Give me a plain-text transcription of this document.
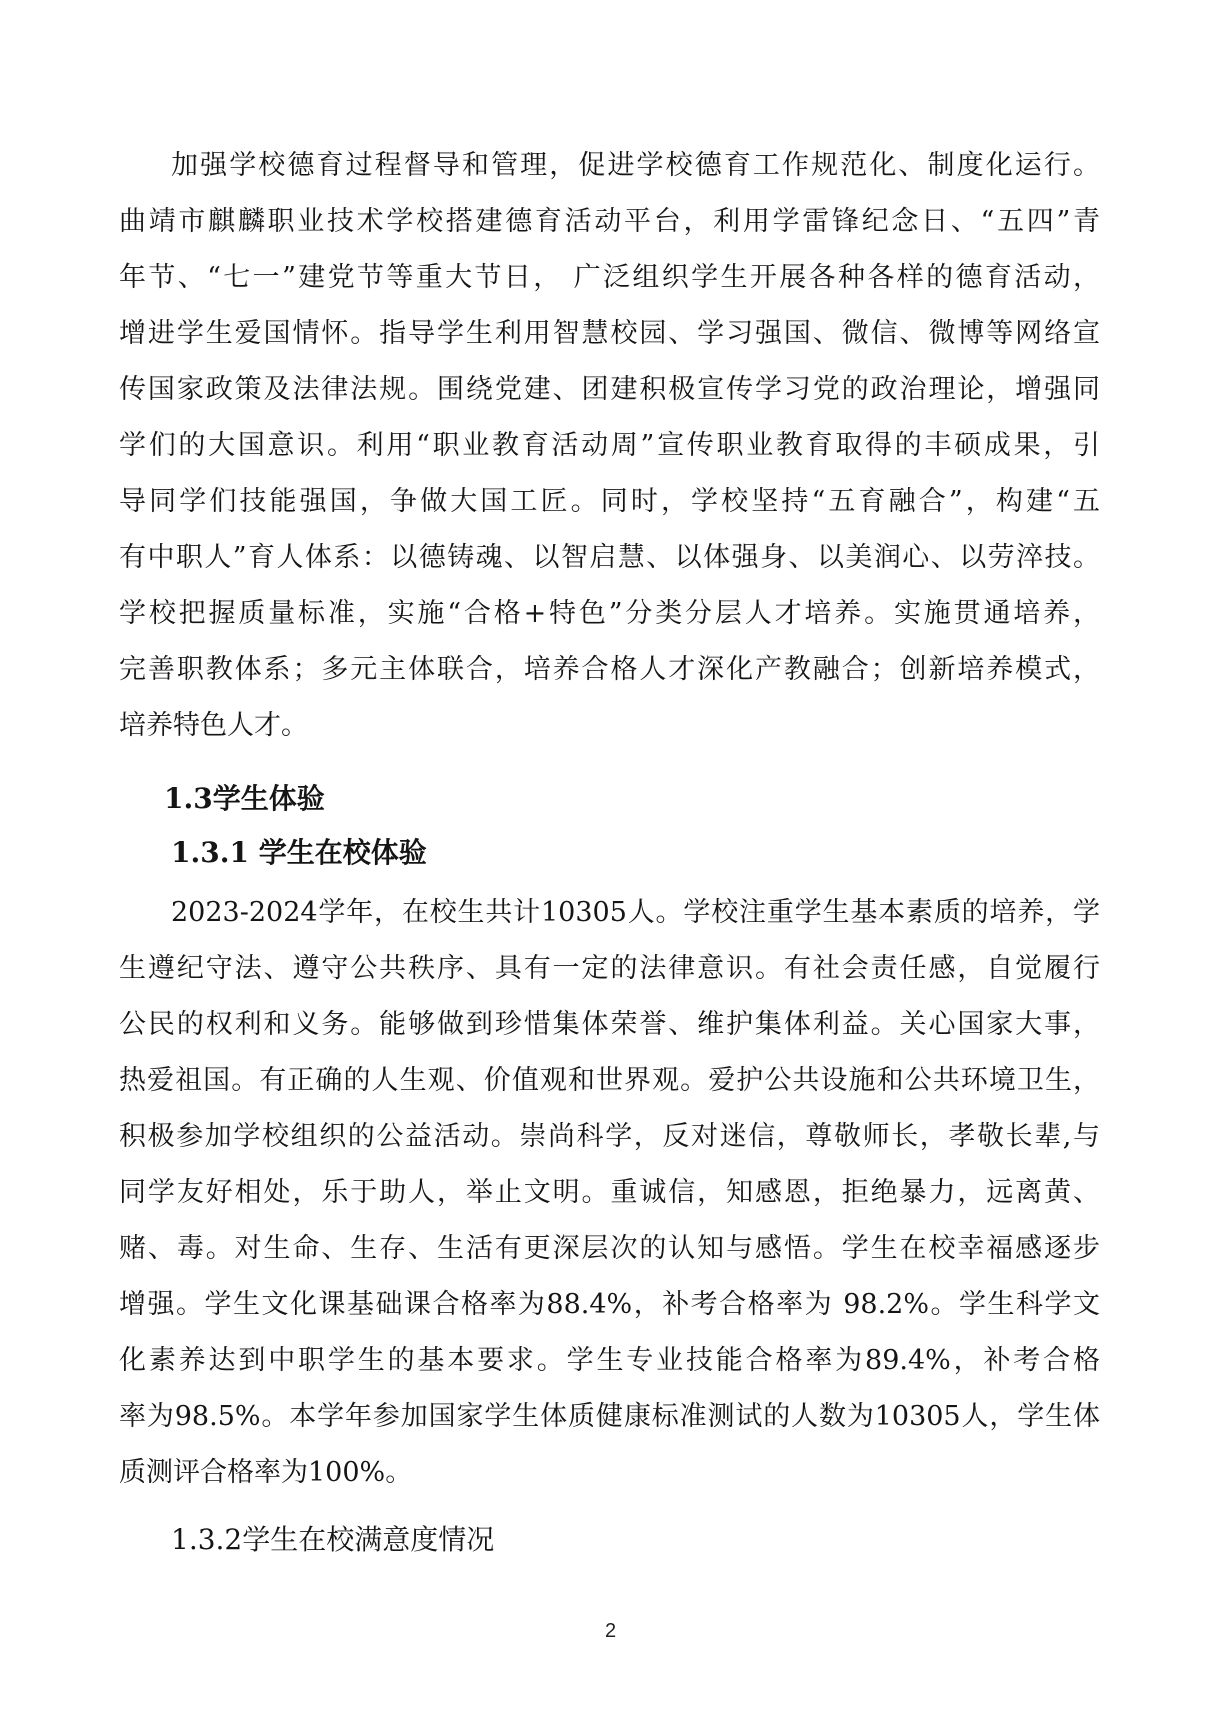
加强学校德育过程督导和管理，促进学校德育工作规范化、制度化运行。
曲靖市麒麟职业技术学校搭建德育活动平台，利用学雷锋纪念日、“五四”青
年节、“七一”建党节等重大节日， 广泛组织学生开展各种各样的德育活动，
增进学生爱国情怀。指导学生利用智慧校园、学习强国、微信、微博等网络宣
传国家政策及法律法规。围绕党建、团建积极宣传学习党的政治理论，增强同
学们的大国意识。利用“职业教育活动周”宣传职业教育取得的丰硕成果，引
导同学们技能强国，争做大国工匠。同时，学校坚持“五育融合”，构建“五
有中职人”育人体系：以德铸魂、以智启慧、以体强身、以美润心、以劳淬技。
学校把握质量标准，实施“合格+特色”分类分层人才培养。实施贯通培养，
完善职教体系；多元主体联合，培养合格人才深化产教融合；创新培养模式，
培养特色人才。
1.3学生体验
1.3.1 学生在校体验
2023-2024学年，在校生共计10305人。学校注重学生基本素质的培养，学
生遵纪守法、遵守公共秩序、具有一定的法律意识。有社会责任感，自觉履行
公民的权利和义务。能够做到珍惜集体荣誉、维护集体利益。关心国家大事，
热爱祖国。有正确的人生观、价值观和世界观。爱护公共设施和公共环境卫生，
积极参加学校组织的公益活动。崇尚科学，反对迷信，尊敬师长，孝敬长辈,与
同学友好相处，乐于助人，举止文明。重诚信，知感恩，拒绝暴力，远离黄、
赌、毒。对生命、生存、生活有更深层次的认知与感悟。学生在校幸福感逐步
增强。学生文化课基础课合格率为88.4%，补考合格率为 98.2%。学生科学文
化素养达到中职学生的基本要求。学生专业技能合格率为89.4%，补考合格
率为98.5%。本学年参加国家学生体质健康标准测试的人数为10305人，学生体
质测评合格率为100%。
1.3.2学生在校满意度情况
2
